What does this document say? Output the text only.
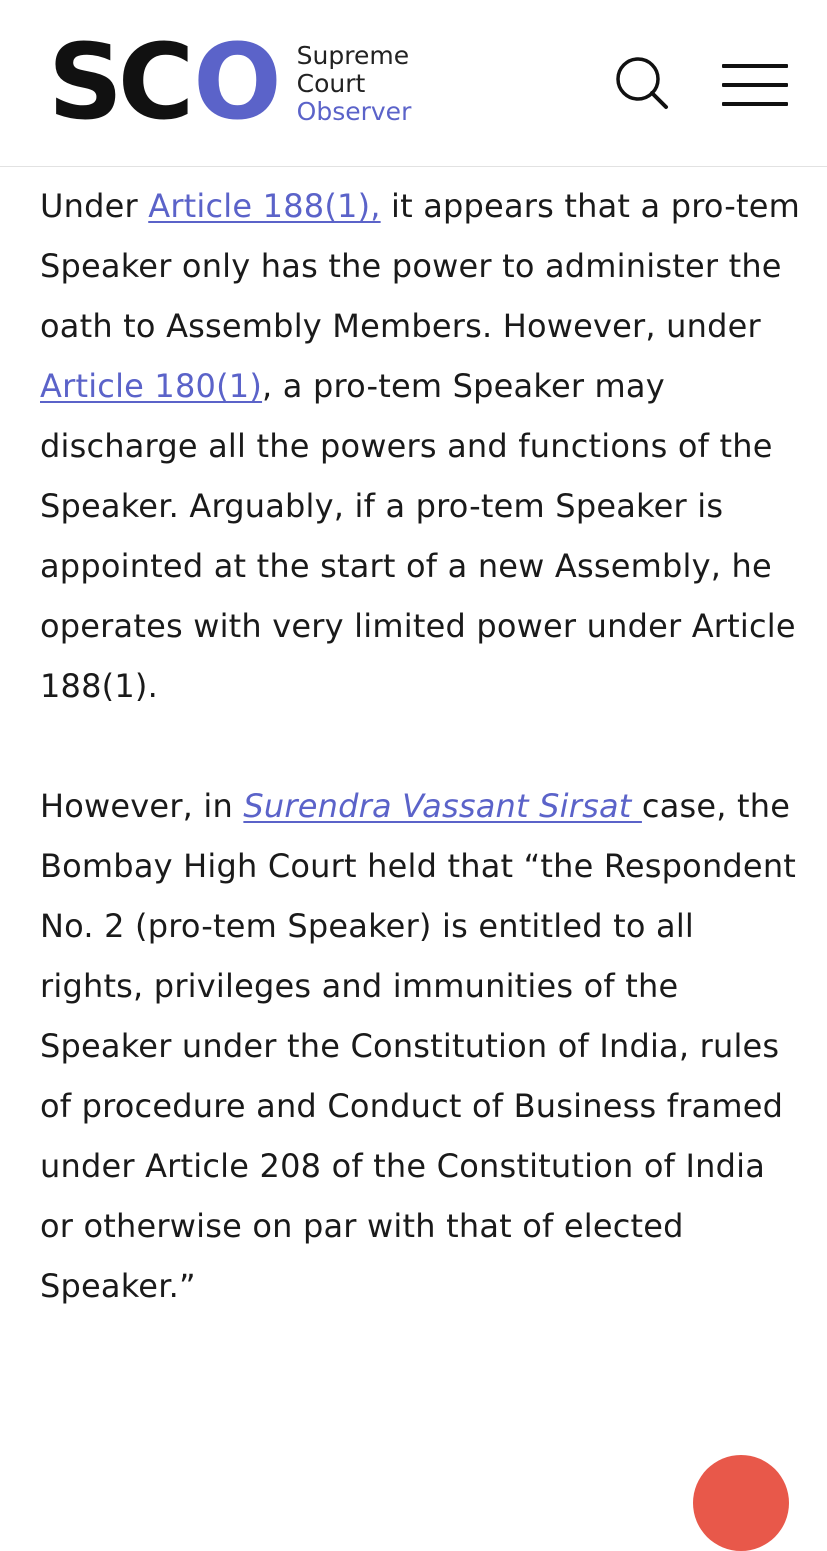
SC O Supreme
Court
Observer

Under Article 188(1), it appears that a pro-tem Speaker only has the power to administer the oath to Assembly Members. However, under Article 180(1), a pro-tem Speaker may discharge all the powers and functions of the Speaker. Arguably, if a pro-tem Speaker is appointed at the start of a new Assembly, he operates with very limited power under Article 188(1).

However, in Surendra Vassant Sirsat case, the Bombay High Court held that “the Respondent No. 2 (pro-tem Speaker) is entitled to all rights, privileges and immunities of the Speaker under the Constitution of India, rules of procedure and Conduct of Business framed under Article 208 of the Constitution of India or otherwise on par with that of elected Speaker.”
